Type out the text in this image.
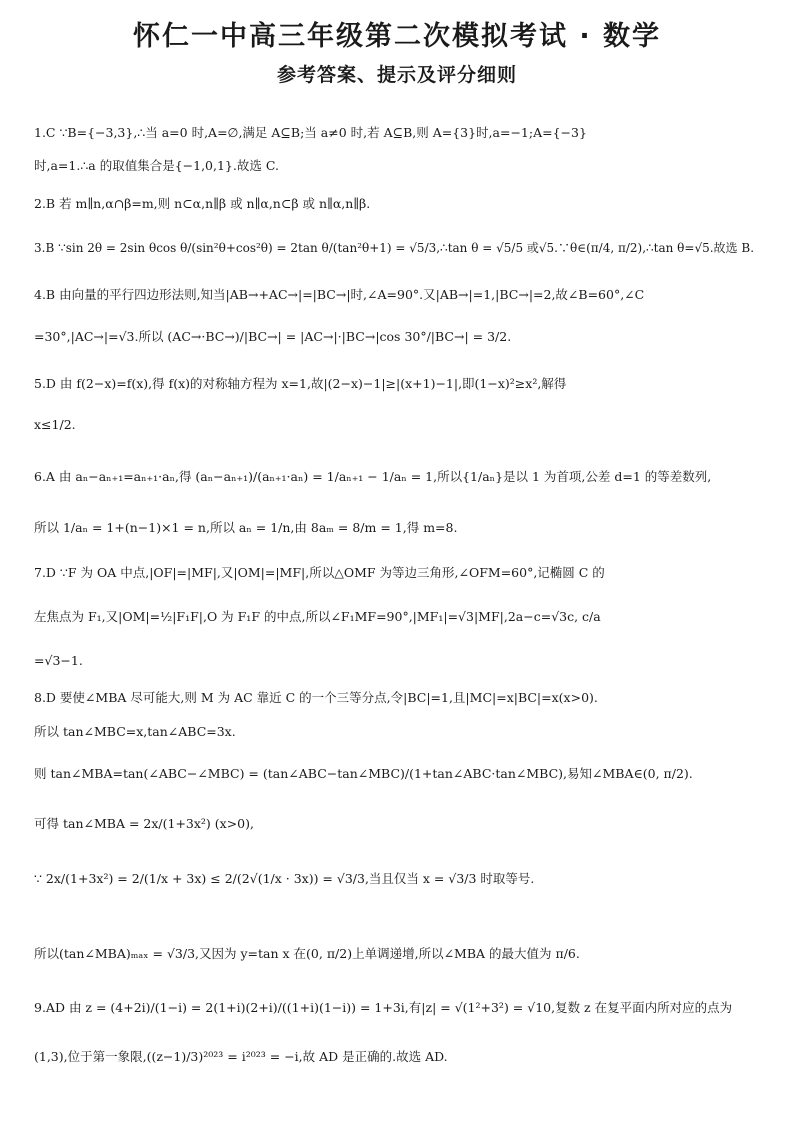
怀仁一中高三年级第二次模拟考试 · 数学
参考答案、提示及评分细则
1.C ∵B={−3,3},∴当 a=0 时,A=∅,满足 A⊆B;当 a≠0 时,若 A⊆B,则 A={3}时,a=−1;A={−3}
时,a=1.∴a 的取值集合是{−1,0,1}.故选 C.
2.B 若 m∥n,α∩β=m,则 n⊂α,n∥β 或 n∥α,n⊂β 或 n∥α,n∥β.
3.B ∵sin 2θ = 2sin θcos θ/(sin²θ+cos²θ) = 2tan θ/(tan²θ+1) = √5/3,∴tan θ = √5/5 或√5.∵θ∈(π/4, π/2),∴tan θ=√5.故选 B.
4.B 由向量的平行四边形法则,知当|AB→+AC→|=|BC→|时,∠A=90°.又|AB→|=1,|BC→|=2,故∠B=60°,∠C
=30°,|AC→|=√3.所以 (AC→·BC→)/|BC→| = |AC→|·|BC→|cos 30°/|BC→| = 3/2.
5.D 由 f(2−x)=f(x),得 f(x)的对称轴方程为 x=1,故|(2−x)−1|≥|(x+1)−1|,即(1−x)²≥x²,解得
x≤1/2.
6.A 由 aₙ−aₙ₊₁=aₙ₊₁·aₙ,得 (aₙ−aₙ₊₁)/(aₙ₊₁·aₙ) = 1/aₙ₊₁ − 1/aₙ = 1,所以{1/aₙ}是以 1 为首项,公差 d=1 的等差数列,
所以 1/aₙ = 1+(n−1)×1 = n,所以 aₙ = 1/n,由 8aₘ = 8/m = 1,得 m=8.
7.D ∵F 为 OA 中点,|OF|=|MF|,又|OM|=|MF|,所以△OMF 为等边三角形,∠OFM=60°,记椭圆 C 的
左焦点为 F₁,又|OM|=½|F₁F|,O 为 F₁F 的中点,所以∠F₁MF=90°,|MF₁|=√3|MF|,2a−c=√3c, c/a
=√3−1.
8.D 要使∠MBA 尽可能大,则 M 为 AC 靠近 C 的一个三等分点,令|BC|=1,且|MC|=x|BC|=x(x>0).
所以 tan∠MBC=x,tan∠ABC=3x.
则 tan∠MBA=tan(∠ABC−∠MBC) = (tan∠ABC−tan∠MBC)/(1+tan∠ABC·tan∠MBC),易知∠MBA∈(0, π/2).
可得 tan∠MBA = 2x/(1+3x²) (x>0),
∵ 2x/(1+3x²) = 2/(1/x + 3x) ≤ 2/(2√(1/x · 3x)) = √3/3,当且仅当 x = √3/3 时取等号.
所以(tan∠MBA)ₘₐₓ = √3/3,又因为 y=tan x 在(0, π/2)上单调递增,所以∠MBA 的最大值为 π/6.
9.AD 由 z = (4+2i)/(1−i) = 2(1+i)(2+i)/((1+i)(1−i)) = 1+3i,有|z| = √(1²+3²) = √10,复数 z 在复平面内所对应的点为
(1,3),位于第一象限,((z−1)/3)²⁰²³ = i²⁰²³ = −i,故 AD 是正确的.故选 AD.
